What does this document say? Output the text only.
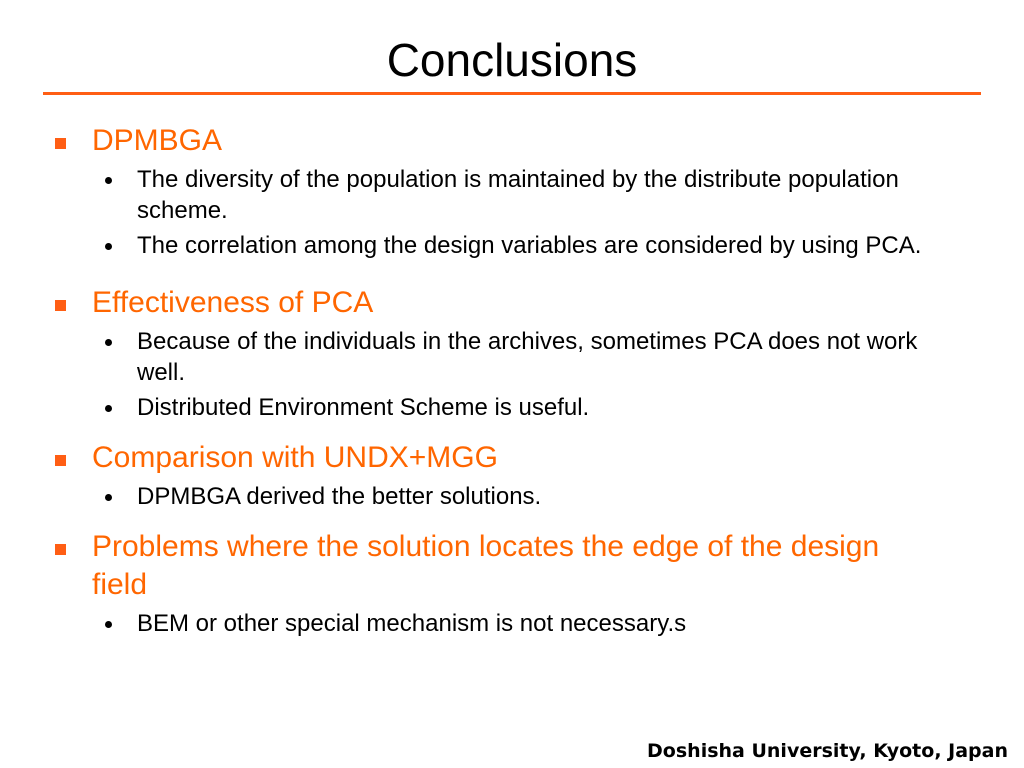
Conclusions
DPMBGA
The diversity of the population is maintained by the distribute population scheme.
The correlation among the design variables are considered by using PCA.
Effectiveness of PCA
Because of the individuals in the archives, sometimes PCA does not work well.
Distributed Environment Scheme is useful.
Comparison with UNDX+MGG
DPMBGA derived the better solutions.
Problems where the solution locates the edge of the design field
BEM or other special mechanism is not necessary.s

Doshisha University, Kyoto, Japan
